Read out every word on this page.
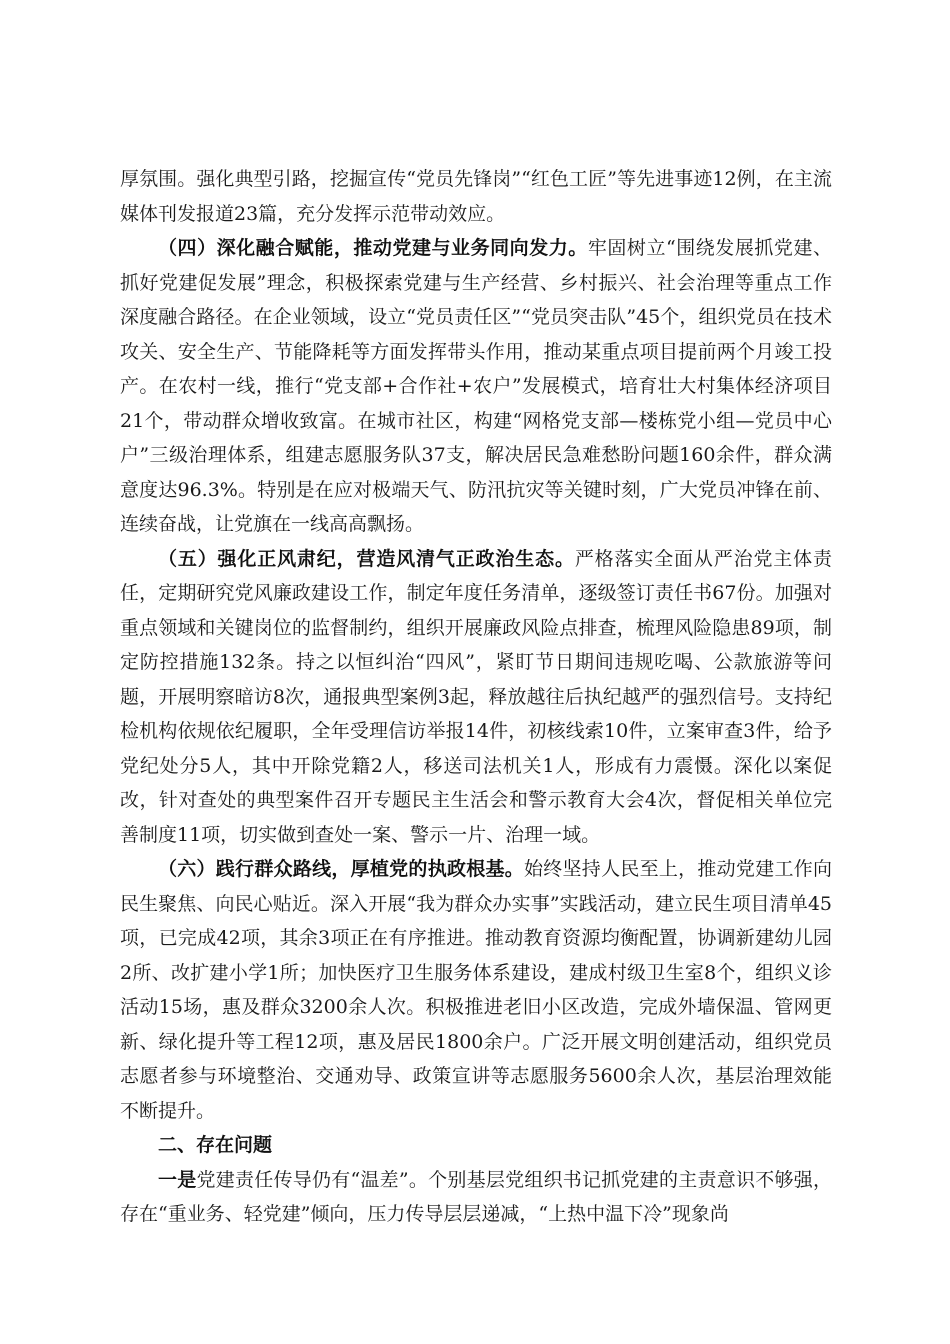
厚氛围。强化典型引路，挖掘宣传“党员先锋岗”“红色工匠”等先进事迹12例，在主流媒体刊发报道23篇，充分发挥示范带动效应。

（四）深化融合赋能，推动党建与业务同向发力。牢固树立“围绕发展抓党建、抓好党建促发展”理念，积极探索党建与生产经营、乡村振兴、社会治理等重点工作深度融合路径。在企业领域，设立“党员责任区”“党员突击队”45个，组织党员在技术攻关、安全生产、节能降耗等方面发挥带头作用，推动某重点项目提前两个月竣工投产。在农村一线，推行“党支部+合作社+农户”发展模式，培育壮大村集体经济项目21个，带动群众增收致富。在城市社区，构建“网格党支部—楼栋党小组—党员中心户”三级治理体系，组建志愿服务队37支，解决居民急难愁盼问题160余件，群众满意度达96.3%。特别是在应对极端天气、防汛抗灾等关键时刻，广大党员冲锋在前、连续奋战，让党旗在一线高高飘扬。

（五）强化正风肃纪，营造风清气正政治生态。严格落实全面从严治党主体责任，定期研究党风廉政建设工作，制定年度任务清单，逐级签订责任书67份。加强对重点领域和关键岗位的监督制约，组织开展廉政风险点排查，梳理风险隐患89项，制定防控措施132条。持之以恒纠治“四风”，紧盯节日期间违规吃喝、公款旅游等问题，开展明察暗访8次，通报典型案例3起，释放越往后执纪越严的强烈信号。支持纪检机构依规依纪履职，全年受理信访举报14件，初核线索10件，立案审查3件，给予党纪处分5人，其中开除党籍2人，移送司法机关1人，形成有力震慑。深化以案促改，针对查处的典型案件召开专题民主生活会和警示教育大会4次，督促相关单位完善制度11项，切实做到查处一案、警示一片、治理一域。

（六）践行群众路线，厚植党的执政根基。始终坚持人民至上，推动党建工作向民生聚焦、向民心贴近。深入开展“我为群众办实事”实践活动，建立民生项目清单45项，已完成42项，其余3项正在有序推进。推动教育资源均衡配置，协调新建幼儿园2所、改扩建小学1所；加快医疗卫生服务体系建设，建成村级卫生室8个，组织义诊活动15场，惠及群众3200余人次。积极推进老旧小区改造，完成外墙保温、管网更新、绿化提升等工程12项，惠及居民1800余户。广泛开展文明创建活动，组织党员志愿者参与环境整治、交通劝导、政策宣讲等志愿服务5600余人次，基层治理效能不断提升。

二、存在问题

一是党建责任传导仍有“温差”。个别基层党组织书记抓党建的主责意识不够强，存在“重业务、轻党建”倾向，压力传导层层递减，“上热中温下冷”现象尚
